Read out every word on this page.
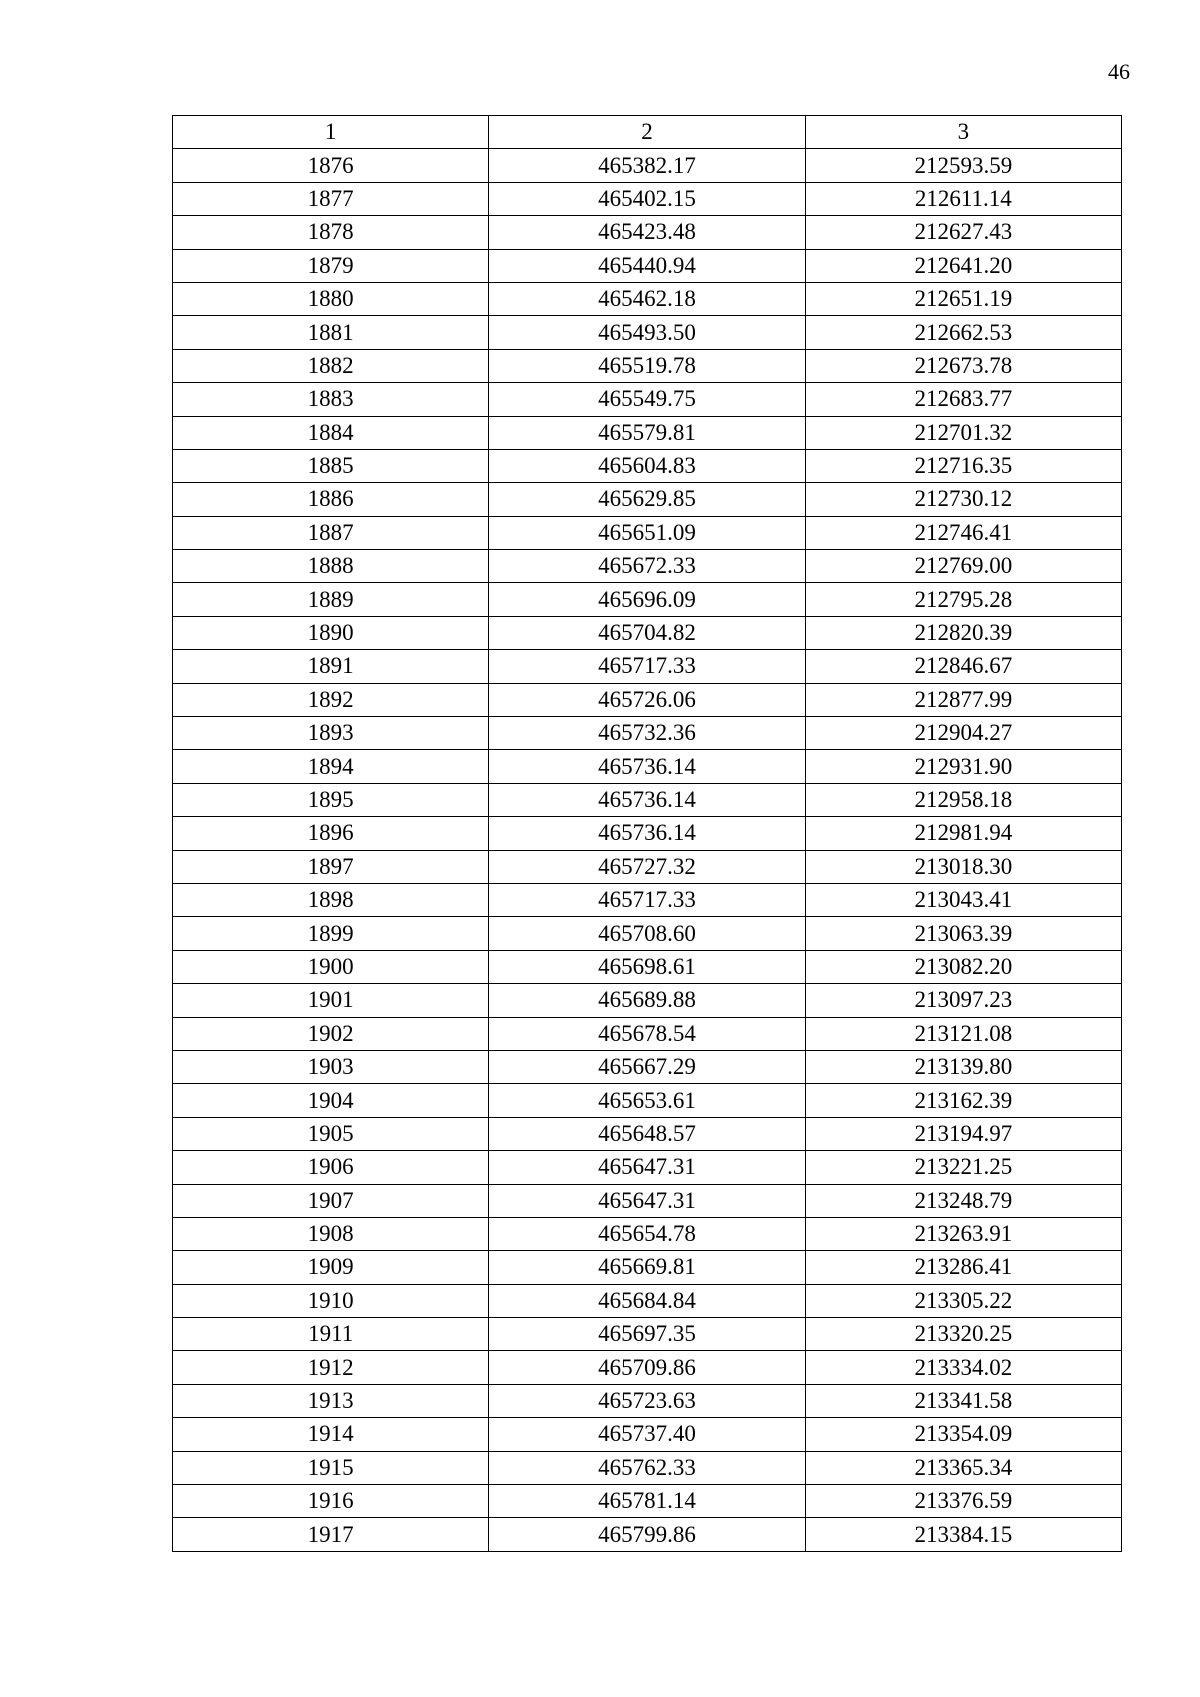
46
1	2	3
1876	465382.17	212593.59
1877	465402.15	212611.14
1878	465423.48	212627.43
1879	465440.94	212641.20
1880	465462.18	212651.19
1881	465493.50	212662.53
1882	465519.78	212673.78
1883	465549.75	212683.77
1884	465579.81	212701.32
1885	465604.83	212716.35
1886	465629.85	212730.12
1887	465651.09	212746.41
1888	465672.33	212769.00
1889	465696.09	212795.28
1890	465704.82	212820.39
1891	465717.33	212846.67
1892	465726.06	212877.99
1893	465732.36	212904.27
1894	465736.14	212931.90
1895	465736.14	212958.18
1896	465736.14	212981.94
1897	465727.32	213018.30
1898	465717.33	213043.41
1899	465708.60	213063.39
1900	465698.61	213082.20
1901	465689.88	213097.23
1902	465678.54	213121.08
1903	465667.29	213139.80
1904	465653.61	213162.39
1905	465648.57	213194.97
1906	465647.31	213221.25
1907	465647.31	213248.79
1908	465654.78	213263.91
1909	465669.81	213286.41
1910	465684.84	213305.22
1911	465697.35	213320.25
1912	465709.86	213334.02
1913	465723.63	213341.58
1914	465737.40	213354.09
1915	465762.33	213365.34
1916	465781.14	213376.59
1917	465799.86	213384.15
